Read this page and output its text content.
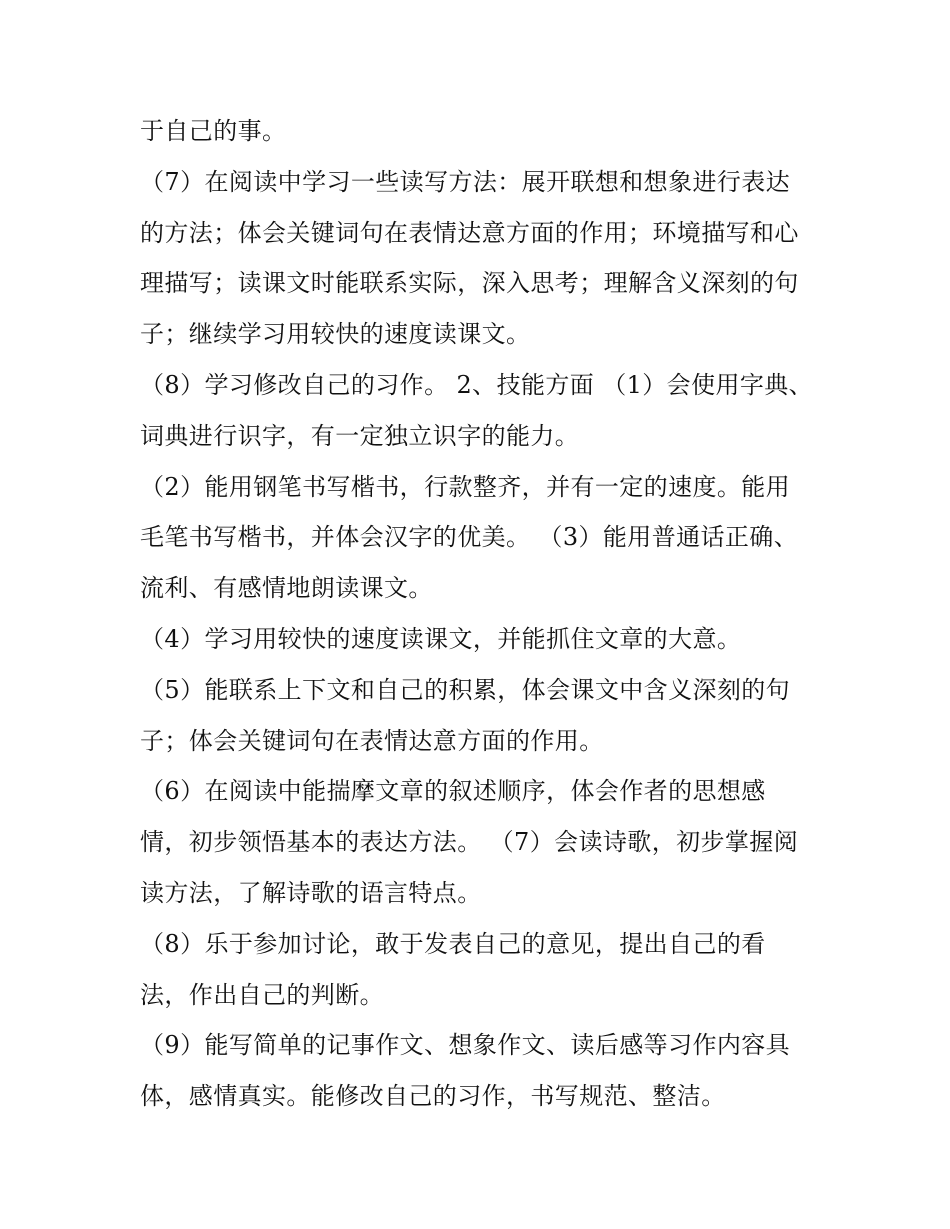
于自己的事。
（7）在阅读中学习一些读写方法：展开联想和想象进行表达
的方法；体会关键词句在表情达意方面的作用；环境描写和心
理描写；读课文时能联系实际，深入思考；理解含义深刻的句
子；继续学习用较快的速度读课文。
（8）学习修改自己的习作。 2、技能方面 （1）会使用字典、
词典进行识字，有一定独立识字的能力。
（2）能用钢笔书写楷书，行款整齐，并有一定的速度。能用
毛笔书写楷书，并体会汉字的优美。 （3）能用普通话正确、
流利、有感情地朗读课文。
（4）学习用较快的速度读课文，并能抓住文章的大意。
（5）能联系上下文和自己的积累，体会课文中含义深刻的句
子；体会关键词句在表情达意方面的作用。
（6）在阅读中能揣摩文章的叙述顺序，体会作者的思想感
情，初步领悟基本的表达方法。 （7）会读诗歌，初步掌握阅
读方法，了解诗歌的语言特点。
（8）乐于参加讨论，敢于发表自己的意见，提出自己的看
法，作出自己的判断。
（9）能写简单的记事作文、想象作文、读后感等习作内容具
体，感情真实。能修改自己的习作，书写规范、整洁。
